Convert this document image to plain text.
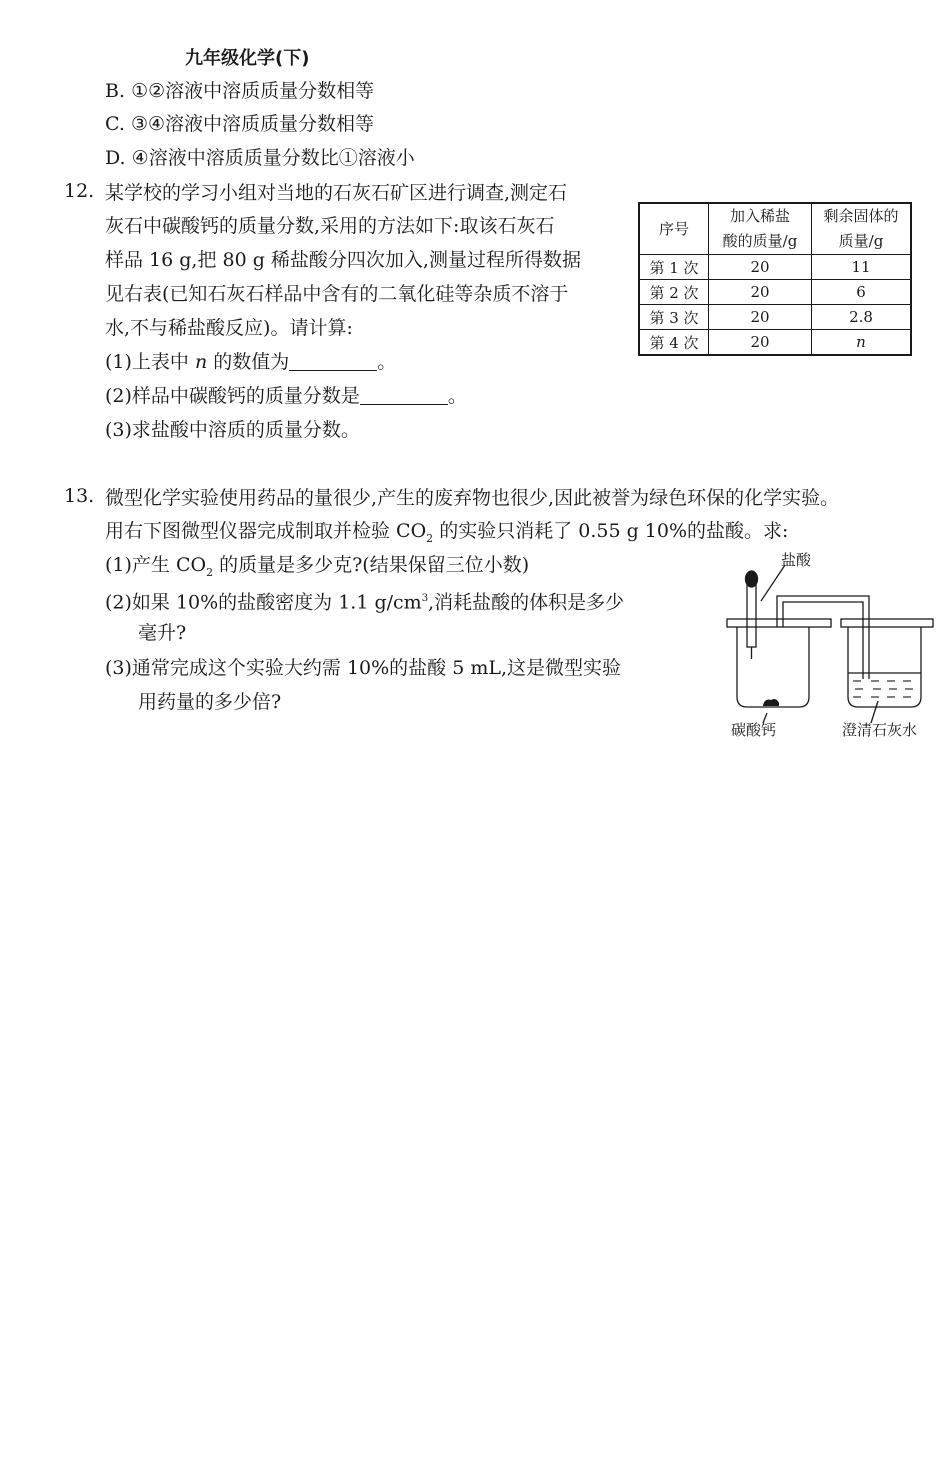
九年级化学(下)
B. ①②溶液中溶质质量分数相等
C. ③④溶液中溶质质量分数相等
D. ④溶液中溶质质量分数比①溶液小
12. 某学校的学习小组对当地的石灰石矿区进行调查,测定石
灰石中碳酸钙的质量分数,采用的方法如下:取该石灰石
样品 16 g,把 80 g 稀盐酸分四次加入,测量过程所得数据
见右表(已知石灰石样品中含有的二氧化硅等杂质不溶于
水,不与稀盐酸反应)。请计算:
(1)上表中 n 的数值为	。
(2)样品中碳酸钙的质量分数是	。
(3)求盐酸中溶质的质量分数。
序号	加入稀盐	剩余固体的
	酸的质量/g	质量/g
第 1 次	20	11
第 2 次	20	6
第 3 次	20	2.8
第 4 次	20	n
13. 微型化学实验使用药品的量很少,产生的废弃物也很少,因此被誉为绿色环保的化学实验。
用右下图微型仪器完成制取并检验 $CO_2$ 的实验只消耗了 0.55 g 10%的盐酸。求:
(1)产生 $CO_2$ 的质量是多少克?(结果保留三位小数)
(2)如果 10%的盐酸密度为 1.1 $g/cm^3$,消耗盐酸的体积是多少
毫升?
(3)通常完成这个实验大约需 10%的盐酸 5 mL,这是微型实验
用药量的多少倍?
盐酸
碳酸钙	澄清石灰水
